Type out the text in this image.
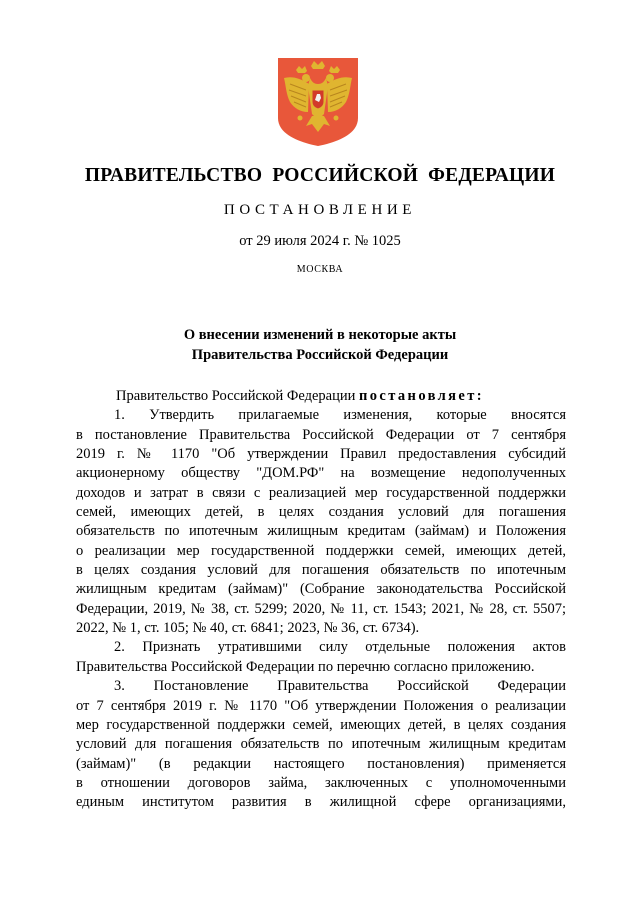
ПРАВИТЕЛЬСТВО РОССИЙСКОЙ ФЕДЕРАЦИИ
ПОСТАНОВЛЕНИЕ
от 29 июля 2024 г. № 1025
МОСКВА
О внесении изменений в некоторые акты
Правительства Российской Федерации
Правительство Российской Федерации постановляет:
1. Утвердить прилагаемые изменения, которые вносятся
в постановление Правительства Российской Федерации от 7 сентября
2019 г. № 1170 "Об утверждении Правил предоставления субсидий
акционерному обществу "ДОМ.РФ" на возмещение недополученных
доходов и затрат в связи с реализацией мер государственной поддержки
семей, имеющих детей, в целях создания условий для погашения
обязательств по ипотечным жилищным кредитам (займам) и Положения
о реализации мер государственной поддержки семей, имеющих детей,
в целях создания условий для погашения обязательств по ипотечным
жилищным кредитам (займам)" (Собрание законодательства Российской
Федерации, 2019, № 38, ст. 5299; 2020, № 11, ст. 1543; 2021, № 28, ст. 5507;
2022, № 1, ст. 105; № 40, ст. 6841; 2023, № 36, ст. 6734).
2. Признать утратившими силу отдельные положения актов
Правительства Российской Федерации по перечню согласно приложению.
3. Постановление Правительства Российской Федерации
от 7 сентября 2019 г. № 1170 "Об утверждении Положения о реализации
мер государственной поддержки семей, имеющих детей, в целях создания
условий для погашения обязательств по ипотечным жилищным кредитам
(займам)" (в редакции настоящего постановления) применяется
в отношении договоров займа, заключенных с уполномоченными
единым институтом развития в жилищной сфере организациями,
